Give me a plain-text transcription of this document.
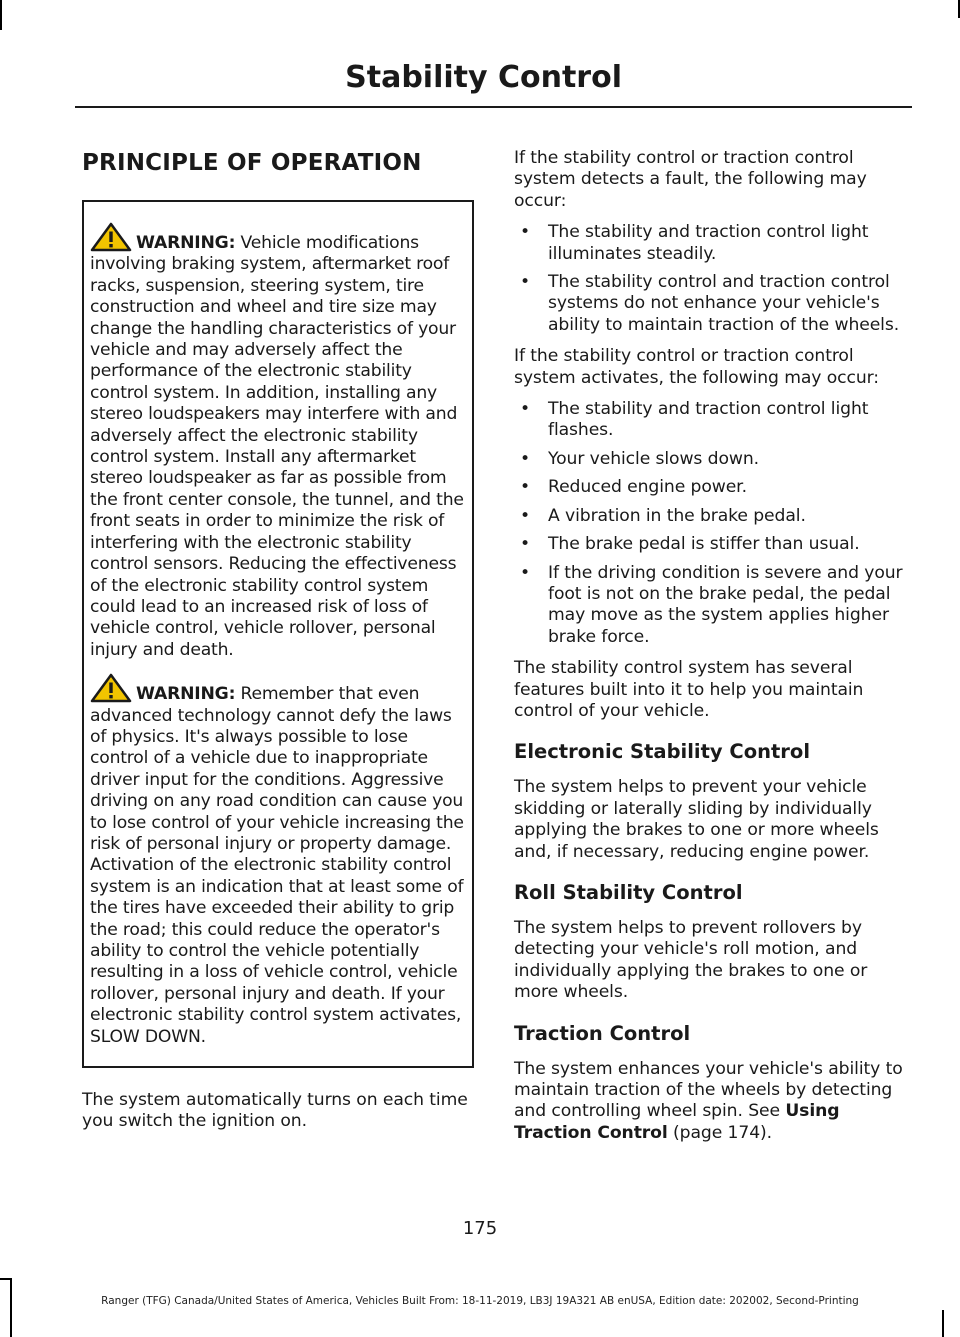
Stability Control
PRINCIPLE OF OPERATION

WARNING: Vehicle modifications involving braking system, aftermarket roof racks, suspension, steering system, tire construction and wheel and tire size may change the handling characteristics of your vehicle and may adversely affect the performance of the electronic stability control system. In addition, installing any stereo loudspeakers may interfere with and adversely affect the electronic stability control system. Install any aftermarket stereo loudspeaker as far as possible from the front center console, the tunnel, and the front seats in order to minimize the risk of interfering with the electronic stability control sensors. Reducing the effectiveness of the electronic stability control system could lead to an increased risk of loss of vehicle control, vehicle rollover, personal injury and death.

WARNING: Remember that even advanced technology cannot defy the laws of physics. It's always possible to lose control of a vehicle due to inappropriate driver input for the conditions. Aggressive driving on any road condition can cause you to lose control of your vehicle increasing the risk of personal injury or property damage. Activation of the electronic stability control system is an indication that at least some of the tires have exceeded their ability to grip the road; this could reduce the operator's ability to control the vehicle potentially resulting in a loss of vehicle control, vehicle rollover, personal injury and death. If your electronic stability control system activates, SLOW DOWN.

The system automatically turns on each time you switch the ignition on.

If the stability control or traction control system detects a fault, the following may occur:

• The stability and traction control light illuminates steadily.
• The stability control and traction control systems do not enhance your vehicle's ability to maintain traction of the wheels.

If the stability control or traction control system activates, the following may occur:

• The stability and traction control light flashes.
• Your vehicle slows down.
• Reduced engine power.
• A vibration in the brake pedal.
• The brake pedal is stiffer than usual.
• If the driving condition is severe and your foot is not on the brake pedal, the pedal may move as the system applies higher brake force.

The stability control system has several features built into it to help you maintain control of your vehicle.

Electronic Stability Control

The system helps to prevent your vehicle skidding or laterally sliding by individually applying the brakes to one or more wheels and, if necessary, reducing engine power.

Roll Stability Control

The system helps to prevent rollovers by detecting your vehicle's roll motion, and individually applying the brakes to one or more wheels.

Traction Control

The system enhances your vehicle's ability to maintain traction of the wheels by detecting and controlling wheel spin. See Using Traction Control (page 174).

175
Ranger (TFG) Canada/United States of America, Vehicles Built From: 18-11-2019, LB3J 19A321 AB enUSA, Edition date: 202002, Second-Printing
